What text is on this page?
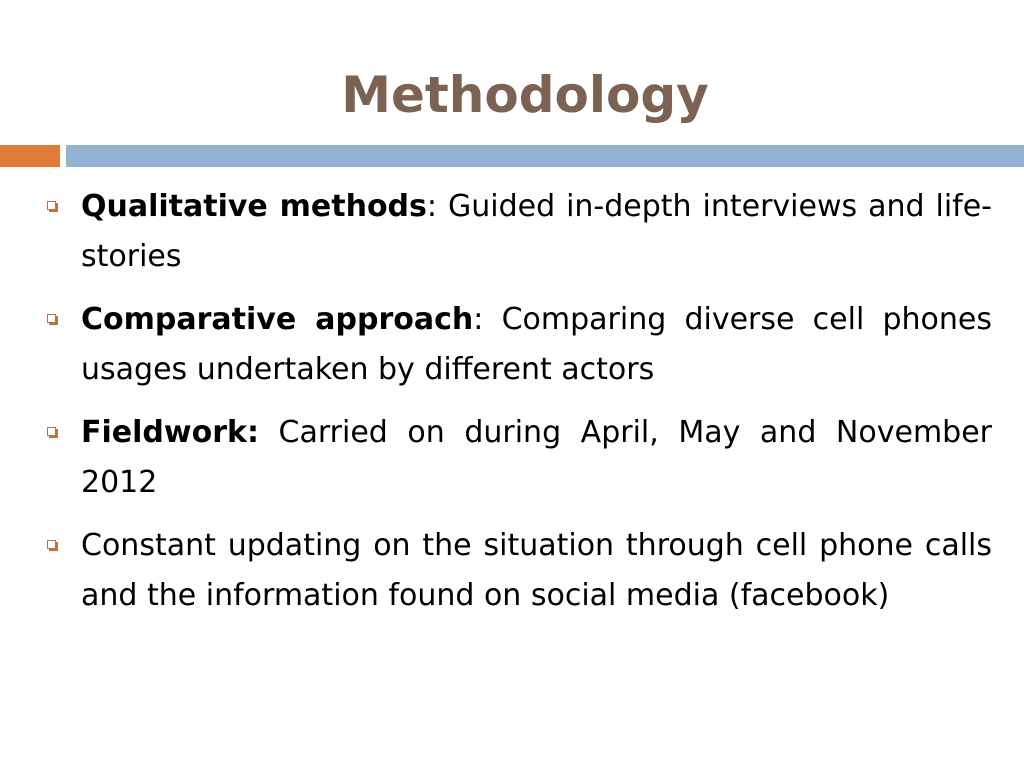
Methodology
Qualitative methods: Guided in-depth interviews and life-stories
Comparative approach: Comparing diverse cell phones usages undertaken by different actors
Fieldwork: Carried on during April, May and November 2012
Constant updating on the situation through cell phone calls and the information found on social media (facebook)
